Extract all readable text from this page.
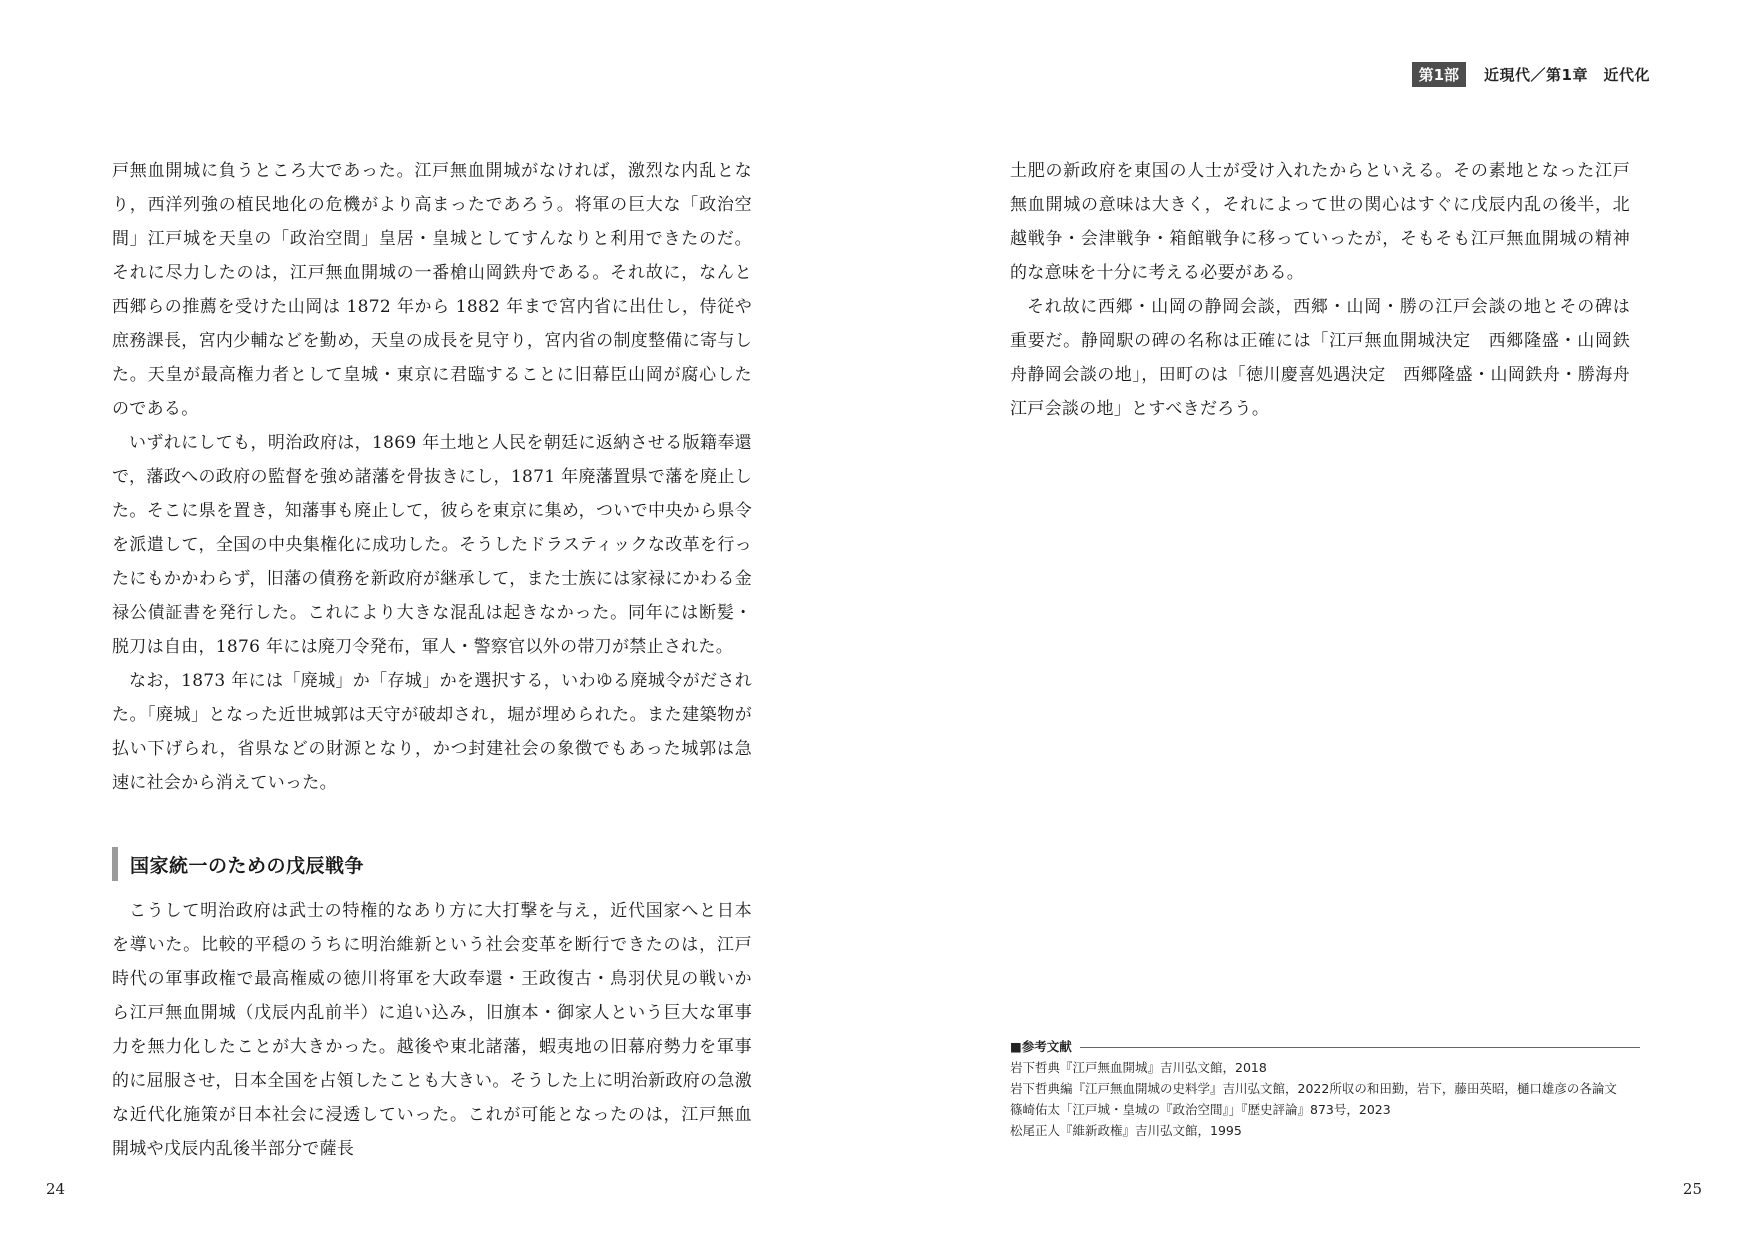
戸無血開城に負うところ大であった。江戸無血開城がなければ，激烈な内乱となり，西洋列強の植民地化の危機がより高まったであろう。将軍の巨大な「政治空間」江戸城を天皇の「政治空間」皇居・皇城としてすんなりと利用できたのだ。それに尽力したのは，江戸無血開城の一番槍山岡鉄舟である。それ故に，なんと西郷らの推薦を受けた山岡は 1872 年から 1882 年まで宮内省に出仕し，侍従や庶務課長，宮内少輔などを勤め，天皇の成長を見守り，宮内省の制度整備に寄与した。天皇が最高権力者として皇城・東京に君臨することに旧幕臣山岡が腐心したのである。

いずれにしても，明治政府は，1869 年土地と人民を朝廷に返納させる版籍奉還で，藩政への政府の監督を強め諸藩を骨抜きにし，1871 年廃藩置県で藩を廃止した。そこに県を置き，知藩事も廃止して，彼らを東京に集め，ついで中央から県令を派遣して，全国の中央集権化に成功した。そうしたドラスティックな改革を行ったにもかかわらず，旧藩の債務を新政府が継承して，また士族には家禄にかわる金禄公債証書を発行した。これにより大きな混乱は起きなかった。同年には断髪・脱刀は自由，1876 年には廃刀令発布，軍人・警察官以外の帯刀が禁止された。

なお，1873 年には「廃城」か「存城」かを選択する，いわゆる廃城令がだされた。「廃城」となった近世城郭は天守が破却され，堀が埋められた。また建築物が払い下げられ，省県などの財源となり，かつ封建社会の象徴でもあった城郭は急速に社会から消えていった。

国家統一のための戊辰戦争

こうして明治政府は武士の特権的なあり方に大打撃を与え，近代国家へと日本を導いた。比較的平穏のうちに明治維新という社会変革を断行できたのは，江戸時代の軍事政権で最高権威の徳川将軍を大政奉還・王政復古・鳥羽伏見の戦いから江戸無血開城（戊辰内乱前半）に追い込み，旧旗本・御家人という巨大な軍事力を無力化したことが大きかった。越後や東北諸藩，蝦夷地の旧幕府勢力を軍事的に屈服させ，日本全国を占領したことも大きい。そうした上に明治新政府の急激な近代化施策が日本社会に浸透していった。これが可能となったのは，江戸無血開城や戊辰内乱後半部分で薩長

24
第1部	近現代／第1章　近代化

土肥の新政府を東国の人士が受け入れたからといえる。その素地となった江戸無血開城の意味は大きく，それによって世の関心はすぐに戊辰内乱の後半，北越戦争・会津戦争・箱館戦争に移っていったが，そもそも江戸無血開城の精神的な意味を十分に考える必要がある。

それ故に西郷・山岡の静岡会談，西郷・山岡・勝の江戸会談の地とその碑は重要だ。静岡駅の碑の名称は正確には「江戸無血開城決定　西郷隆盛・山岡鉄舟静岡会談の地」，田町のは「徳川慶喜処遇決定　西郷隆盛・山岡鉄舟・勝海舟江戸会談の地」とすべきだろう。

■参考文献

岩下哲典『江戸無血開城』吉川弘文館，2018

岩下哲典編『江戸無血開城の史料学』吉川弘文館，2022所収の和田勤，岩下，藤田英昭，樋口雄彦の各論文

篠崎佑太「江戸城・皇城の『政治空間』」『歴史評論』873号，2023

松尾正人『維新政権』吉川弘文館，1995

25
